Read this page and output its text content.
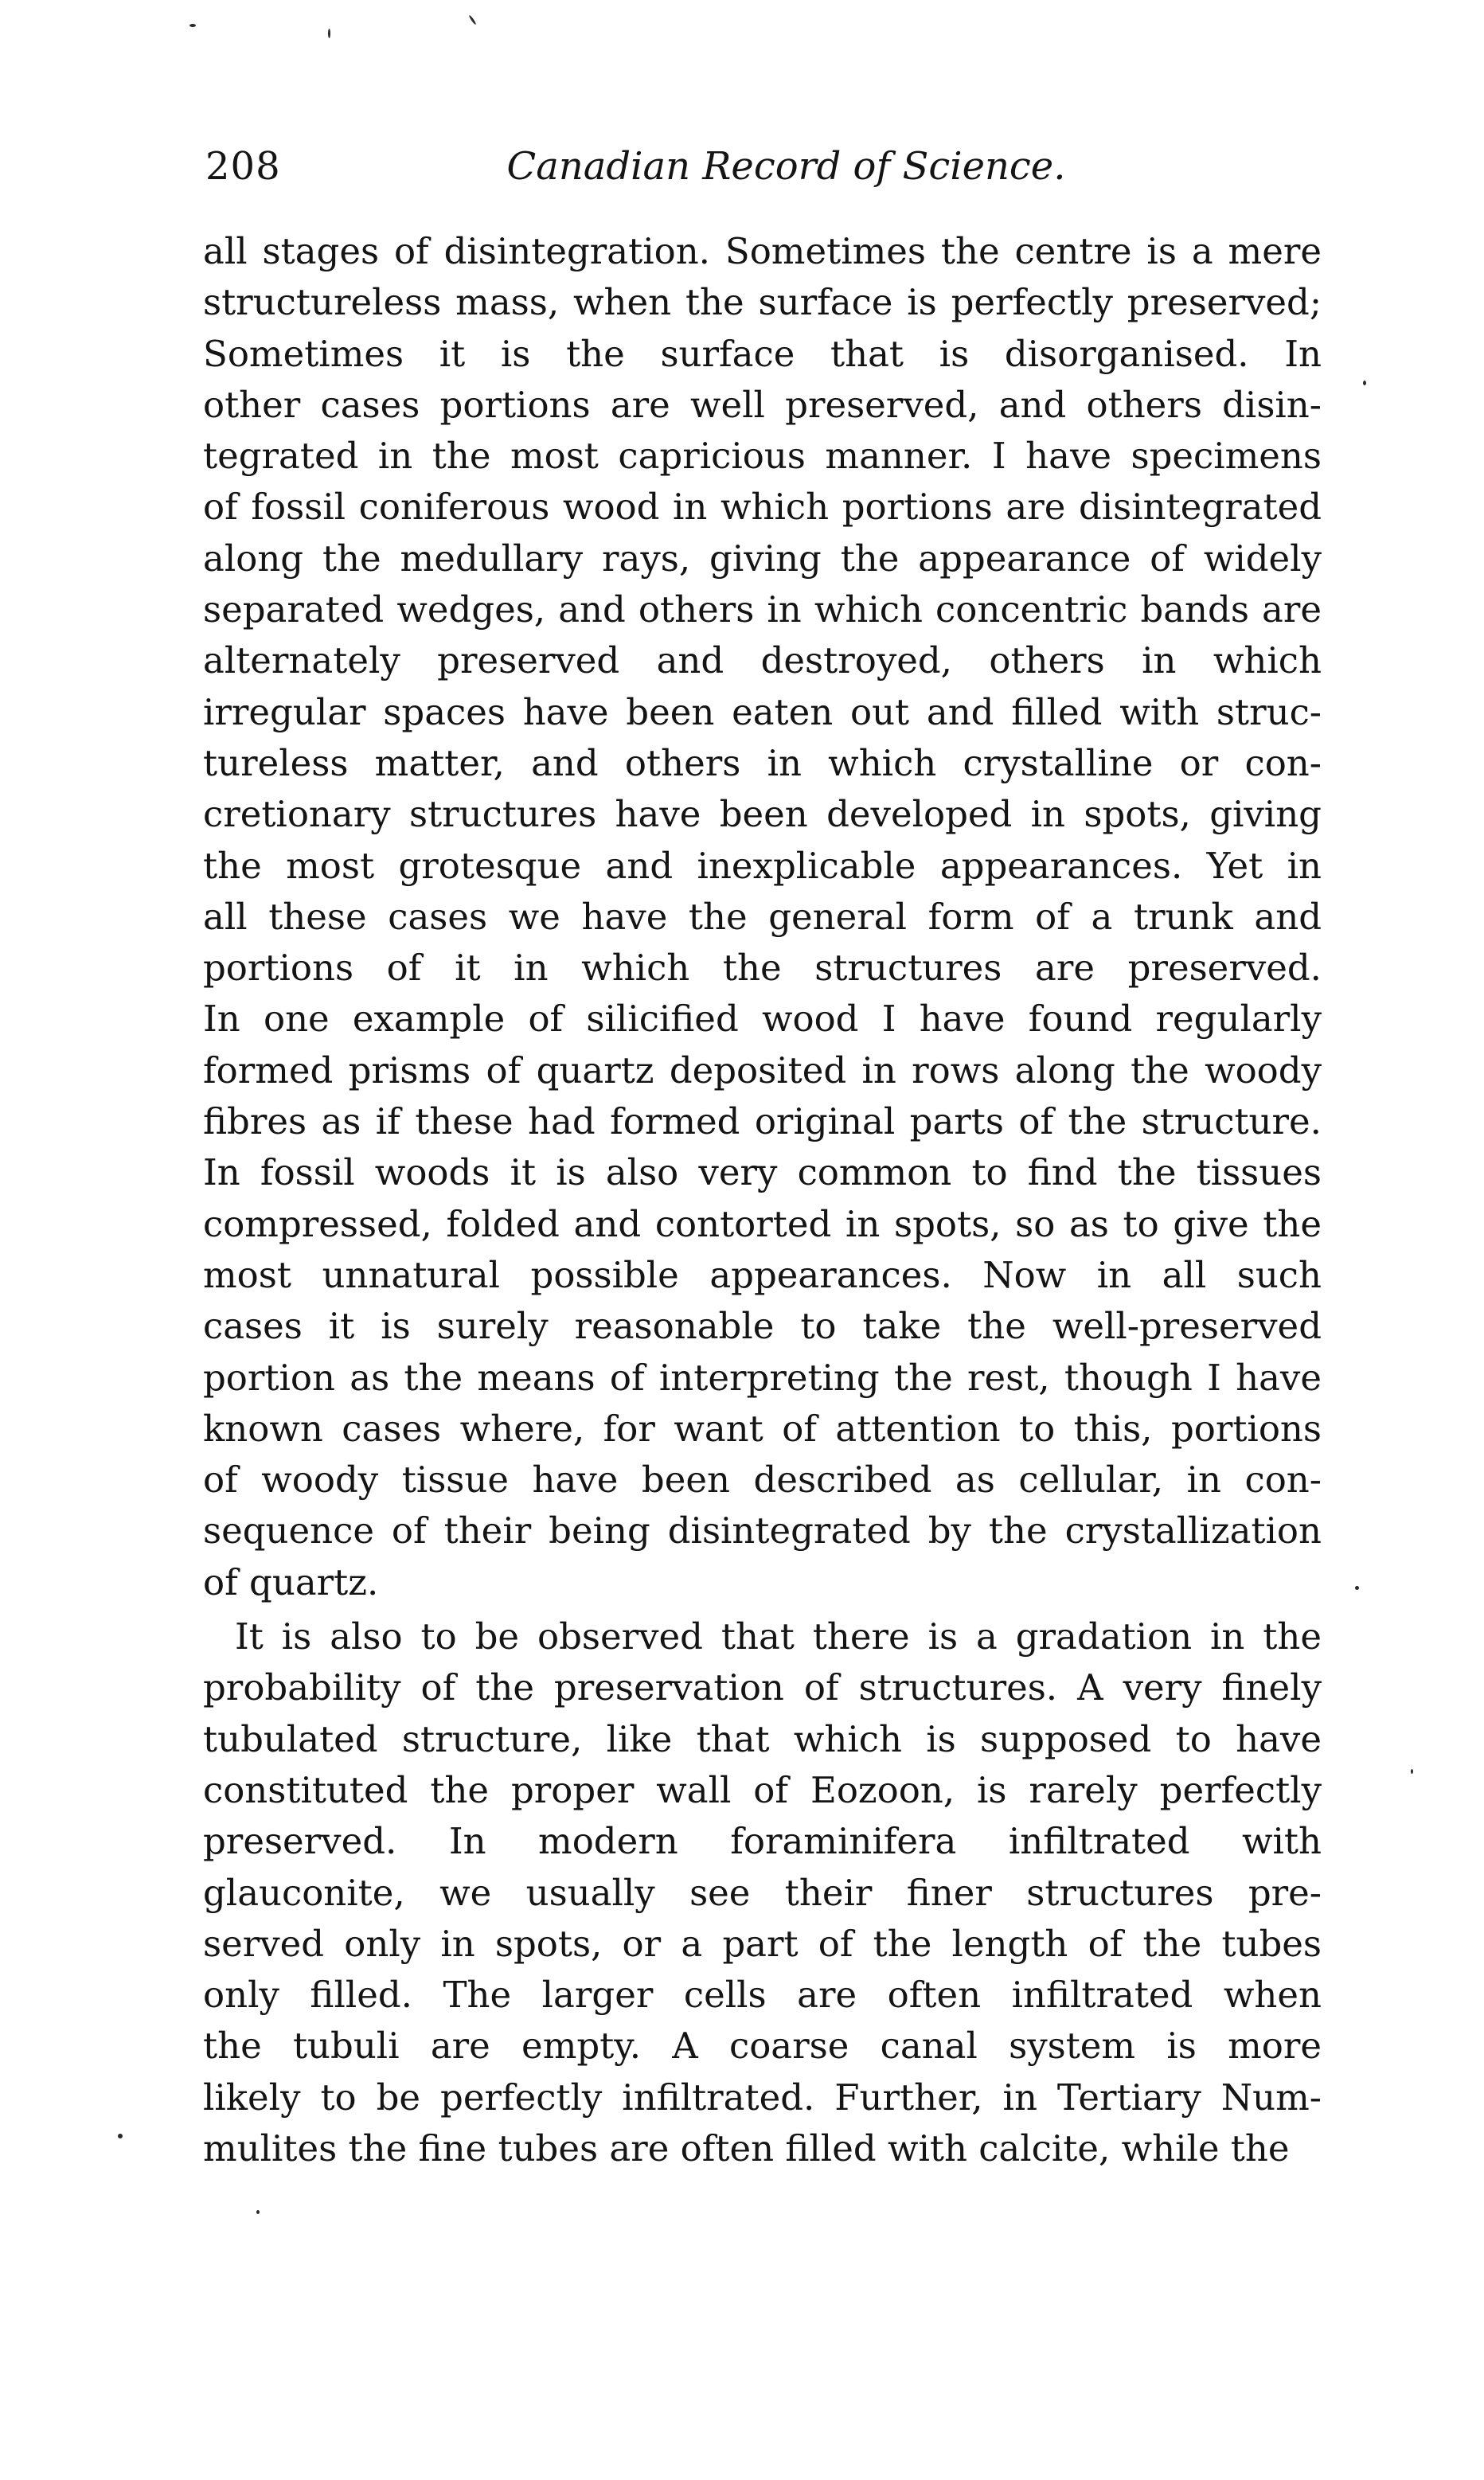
208	Canadian Record of Science.
all stages of disintegration. Sometimes the centre is a mere
structureless mass, when the surface is perfectly preserved;
Sometimes it is the surface that is disorganised. In
other cases portions are well preserved, and others disin-
tegrated in the most capricious manner. I have specimens
of fossil coniferous wood in which portions are disintegrated
along the medullary rays, giving the appearance of widely
separated wedges, and others in which concentric bands are
alternately preserved and destroyed, others in which
irregular spaces have been eaten out and filled with struc-
tureless matter, and others in which crystalline or con-
cretionary structures have been developed in spots, giving
the most grotesque and inexplicable appearances. Yet in
all these cases we have the general form of a trunk and
portions of it in which the structures are preserved.
In one example of silicified wood I have found regularly
formed prisms of quartz deposited in rows along the woody
fibres as if these had formed original parts of the structure.
In fossil woods it is also very common to find the tissues
compressed, folded and contorted in spots, so as to give the
most unnatural possible appearances. Now in all such
cases it is surely reasonable to take the well-preserved
portion as the means of interpreting the rest, though I have
known cases where, for want of attention to this, portions
of woody tissue have been described as cellular, in con-
sequence of their being disintegrated by the crystallization
of quartz.
It is also to be observed that there is a gradation in the
probability of the preservation of structures. A very finely
tubulated structure, like that which is supposed to have
constituted the proper wall of Eozoon, is rarely perfectly
preserved. In modern foraminifera infiltrated with
glauconite, we usually see their finer structures pre-
served only in spots, or a part of the length of the tubes
only filled. The larger cells are often infiltrated when
the tubuli are empty. A coarse canal system is more
likely to be perfectly infiltrated. Further, in Tertiary Num-
mulites the fine tubes are often filled with calcite, while the
